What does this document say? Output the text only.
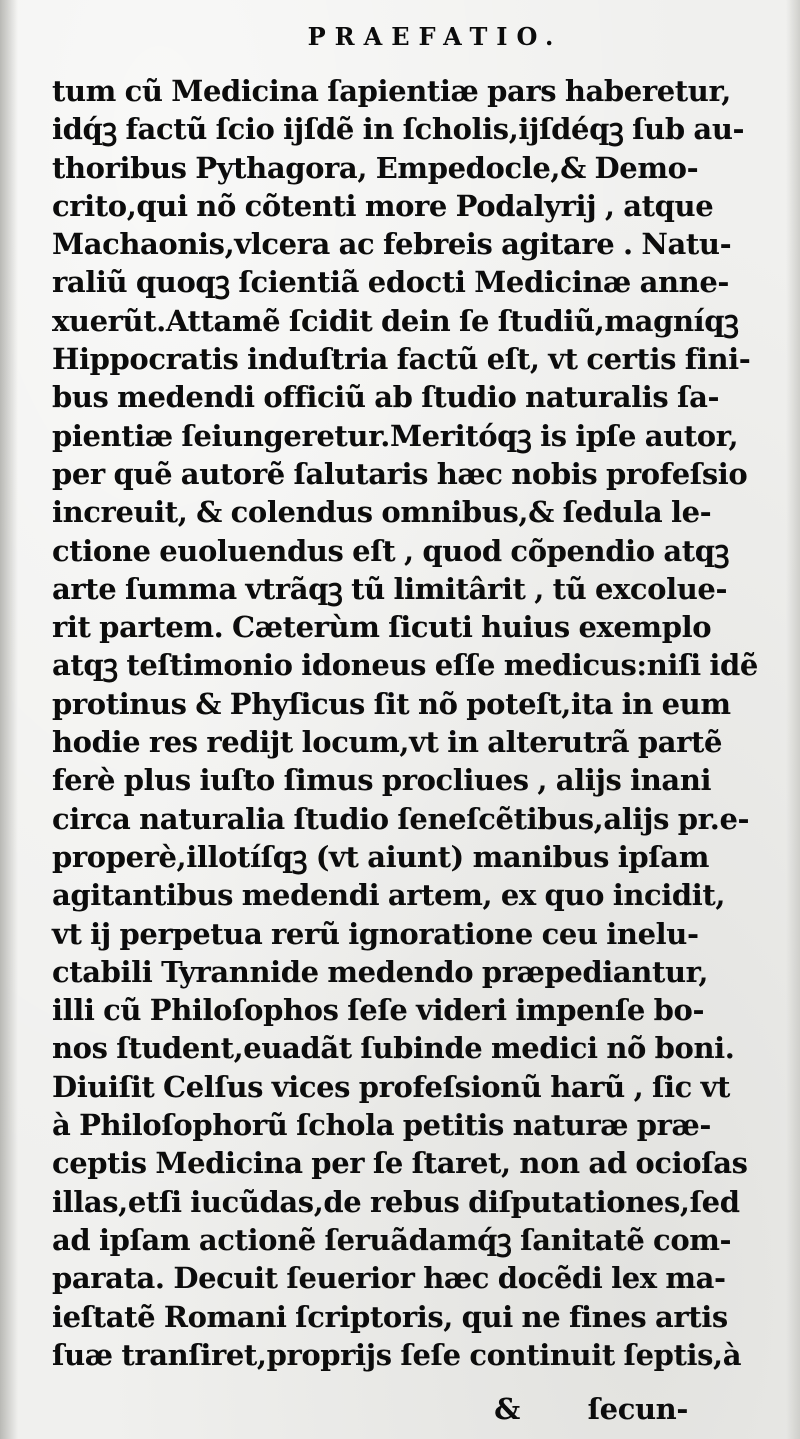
PRAEFATIO.
tum cũ Medicina ſapientiæ pars haberetur,
idq́ꝫ factũ ſcio ijſdẽ in ſcholis,ijſdéqꝫ ſub au-
thoribus Pythagora, Empedocle,& Demo-
crito,qui nõ cõtenti more Podalyrij , atque
Machaonis,vlcera ac febreis agitare . Natu-
raliũ quoqꝫ ſcientiã edocti Medicinæ anne-
xuerũt.Attamẽ ſcidit dein ſe ſtudiũ,magníqꝫ
Hippocratis induſtria factũ eſt, vt certis fini-
bus medendi officiũ ab ſtudio naturalis ſa-
pientiæ ſeiungeretur.Meritóqꝫ is ipſe autor,
per quẽ autorẽ ſalutaris hæc nobis profeſsio
increuit, & colendus omnibus,& ſedula le-
ctione euoluendus eſt , quod cõpendio atqꝫ
arte ſumma vtrãqꝫ tũ limitârit , tũ excolue-
rit partem. Cæterùm ſicuti huius exemplo
atqꝫ teſtimonio idoneus eſſe medicus:niſi idẽ
protinus & Phyſicus ſit nõ poteſt,ita in eum
hodie res redijt locum,vt in alterutrã partẽ
ferè plus iuſto ſimus procliues , alijs inani
circa naturalia ſtudio ſeneſcẽtibus,alijs pr.e-
properè,illotíſqꝫ (vt aiunt) manibus ipſam
agitantibus medendi artem, ex quo incidit,
vt ij perpetua rerũ ignoratione ceu inelu-
ctabili Tyrannide medendo præpediantur,
illi cũ Philoſophos ſeſe videri impenſe bo-
nos ſtudent,euadãt ſubinde medici nõ boni.
Diuiſit Celſus vices profeſsionũ harũ , ſic vt
à Philoſophorũ ſchola petitis naturæ præ-
ceptis Medicina per ſe ſtaret, non ad ocioſas
illas,etſi iucũdas,de rebus diſputationes,ſed
ad ipſam actionẽ ſeruãdamq́ꝫ ſanitatẽ com-
parata. Decuit ſeuerior hæc docẽdi lex ma-
ieſtatẽ Romani ſcriptoris, qui ne fines artis
ſuæ tranſiret,proprijs ſeſe continuit ſeptis,à
& ſecun-
